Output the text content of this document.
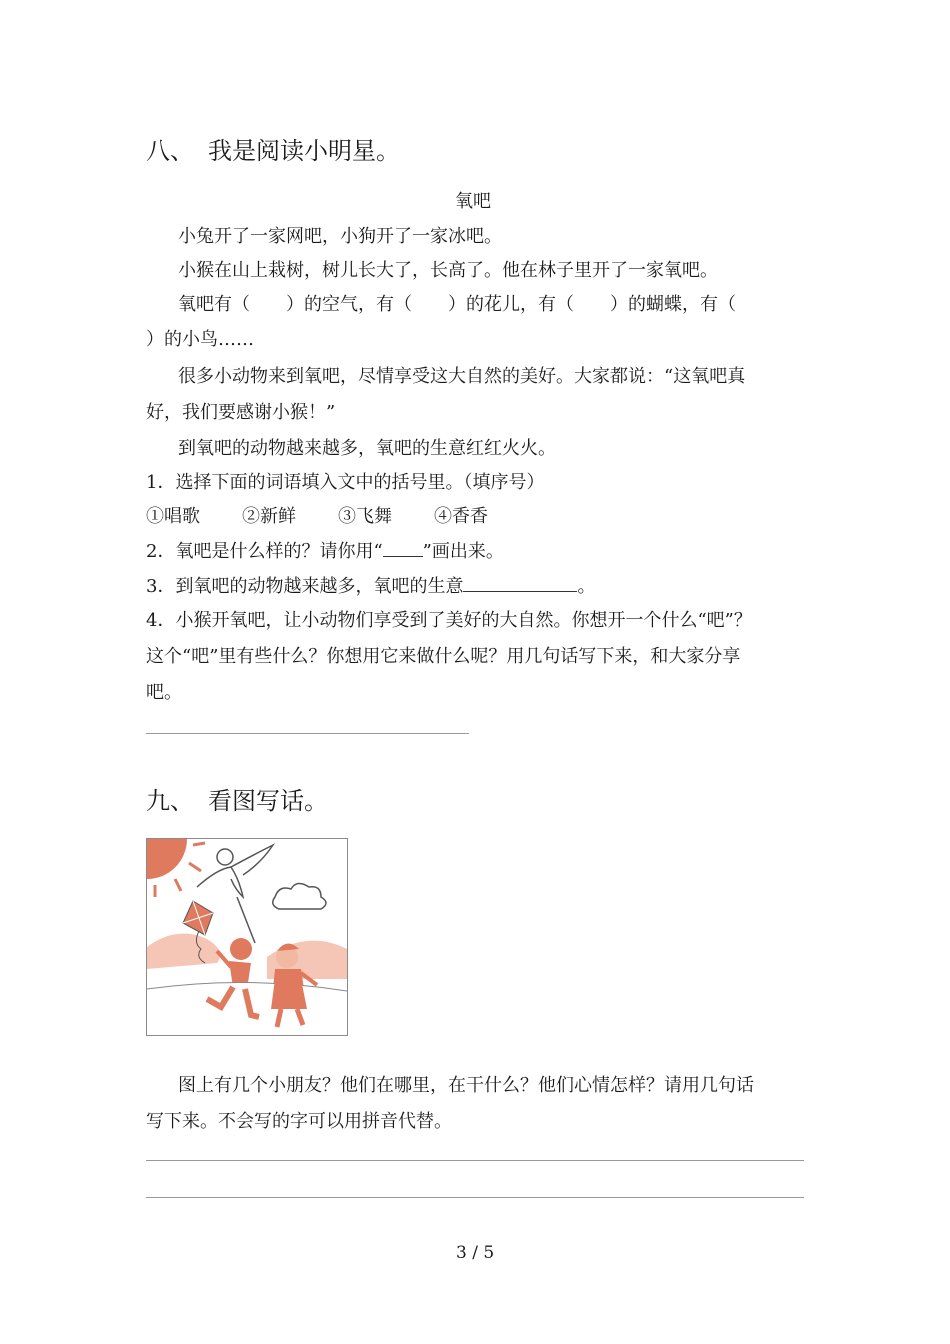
八、 我是阅读小明星。
氧吧
小兔开了一家网吧，小狗开了一家冰吧。
小猴在山上栽树，树儿长大了，长高了。他在林子里开了一家氧吧。
氧吧有（　　）的空气，有（　　）的花儿，有（　　）的蝴蝶，有（
）的小鸟……
很多小动物来到氧吧，尽情享受这大自然的美好。大家都说：“这氧吧真
好，我们要感谢小猴！”
到氧吧的动物越来越多，氧吧的生意红红火火。
1．选择下面的词语填入文中的括号里。（填序号）
①唱歌 ②新鲜 ③飞舞 ④香香
2．氧吧是什么样的？请你用“ ”画出来。
3．到氧吧的动物越来越多，氧吧的生意	。
4．小猴开氧吧，让小动物们享受到了美好的大自然。你想开一个什么“吧”？
这个“吧”里有些什么？你想用它来做什么呢？用几句话写下来，和大家分享
吧。
九、 看图写话。
图上有几个小朋友？他们在哪里，在干什么？他们心情怎样？请用几句话
写下来。不会写的字可以用拼音代替。
3 / 5
